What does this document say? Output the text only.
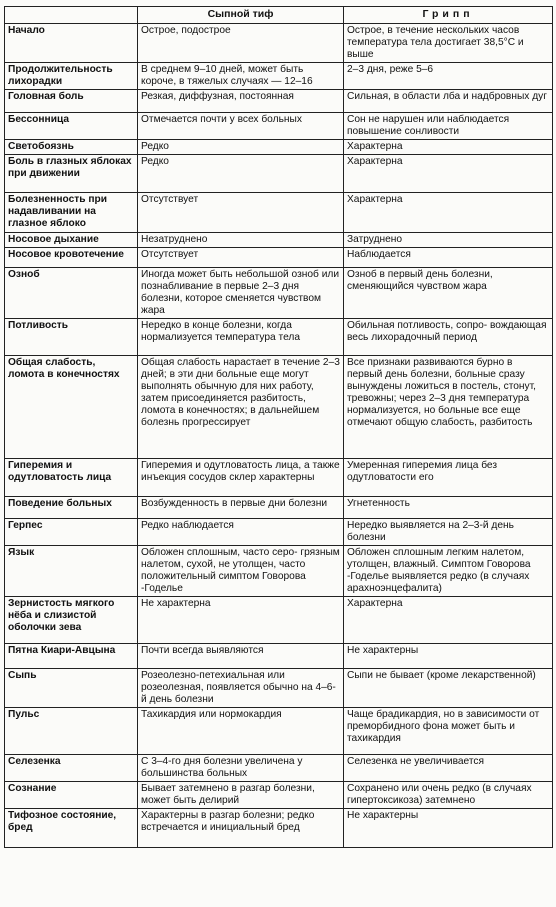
	Сыпной тиф	Грипп
Начало	Острое, подострое	Острое, в течение нескольких часов температура тела достигает 38,5°С и выше
Продолжительность лихорадки	В среднем 9–10 дней, может быть короче, в тяжелых случаях — 12–16	2–3 дня, реже 5–6
Головная боль	Резкая, диффузная, постоянная	Сильная, в области лба и надбровных дуг
Бессонница	Отмечается почти у всех больных	Сон не нарушен или наблюдается повышение сонливости
Светобоязнь	Редко	Характерна
Боль в глазных яблоках при движении	Редко	Характерна
Болезненность при надавливании на глазное яблоко	Отсутствует	Характерна
Носовое дыхание	Незатруднено	Затруднено
Носовое кровотечение	Отсутствует	Наблюдается
Озноб	Иногда может быть небольшой озноб или познабливание в первые 2–3 дня болезни, которое сменяется чувством жара	Озноб в первый день болезни, сменяющийся чувством жара
Потливость	Нередко в конце болезни, когда нормализуется температура тела	Обильная потливость, сопро- вождающая весь лихорадочный период
Общая слабость, ломота в конечностях	Общая слабость нарастает в течение 2–3 дней; в эти дни больные еще могут выполнять обычную для них работу, затем присоединяется разбитость, ломота в конечностях; в дальнейшем болезнь прогрессирует	Все признаки развиваются бурно в первый день болезни, больные сразу вынуждены ложиться в постель, стонут, тревожны; через 2–3 дня температура нормализуется, но больные все еще отмечают общую слабость, разбитость
Гиперемия и одутловатость лица	Гиперемия и одутловатость лица, а также инъекция сосудов склер характерны	Умеренная гиперемия лица без одутловатости его
Поведение больных	Возбужденность в первые дни болезни	Угнетенность
Герпес	Редко наблюдается	Нередко выявляется на 2–3-й день болезни
Язык	Обложен сплошным, часто серо- грязным налетом, сухой, не утолщен, часто положительный симптом Говорова -Годелье	Обложен сплошным легким налетом, утолщен, влажный. Симптом Говорова -Годелье выявляется редко (в случаях арахноэнцефалита)
Зернистость мягкого нёба и слизистой оболочки зева	Не характерна	Характерна
Пятна Киари-Авцына	Почти всегда выявляются	Не характерны
Сыпь	Розеолезно-петехиальная или розеолезная, появляется обычно на 4–6-й день болезни	Сыпи не бывает (кроме лекарственной)
Пульс	Тахикардия или нормокардия	Чаще брадикардия, но в зависимости от преморбидного фона может быть и тахикардия
Селезенка	С 3–4-го дня болезни увеличена у большинства больных	Селезенка не увеличивается
Сознание	Бывает затемнено в разгар болезни, может быть делирий	Сохранено или очень редко (в случаях гипертоксикоза) затемнено
Тифозное состояние, бред	Характерны в разгар болезни; редко встречается и инициальный бред	Не характерны
